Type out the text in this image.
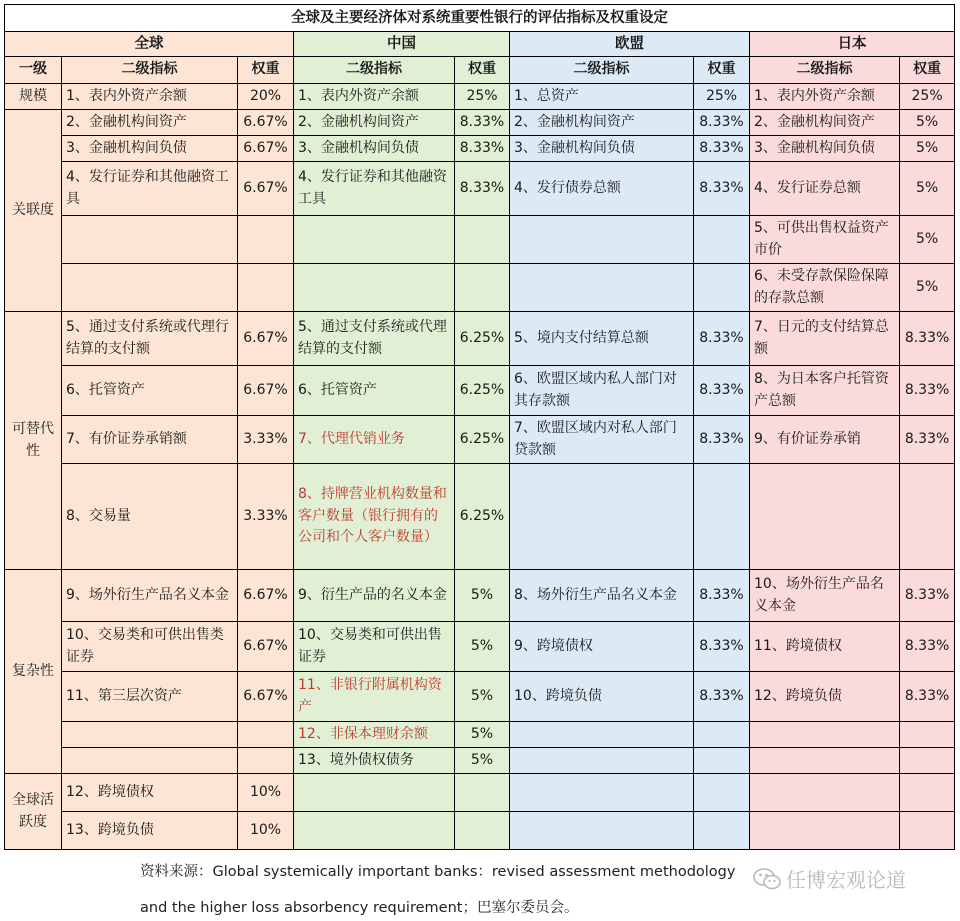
全球及主要经济体对系统重要性银行的评估指标及权重设定								
全球			中国		欧盟		日本	
一级	二级指标	权重	二级指标	权重	二级指标	权重	二级指标	权重
规模	1、表内外资产余额	20%	1、表内外资产余额	25%	1、总资产	25%	1、表内外资产余额	25%
关联度	2、金融机构间资产	6.67%	2、金融机构间资产	8.33%	2、金融机构间资产	8.33%	2、金融机构间资产	5%
	3、金融机构间负债	6.67%	3、金融机构间负债	8.33%	3、金融机构间负债	8.33%	3、金融机构间负债	5%
	4、发行证券和其他融资工具	6.67%	4、发行证券和其他融资工具	8.33%	4、发行债券总额	8.33%	4、发行证券总额	5%
							5、可供出售权益资产市价	5%
							6、未受存款保险保障的存款总额	5%
可替代性	5、通过支付系统或代理行结算的支付额	6.67%	5、通过支付系统或代理结算的支付额	6.25%	5、境内支付结算总额	8.33%	7、日元的支付结算总额	8.33%
	6、托管资产	6.67%	6、托管资产	6.25%	6、欧盟区域内私人部门对其存款额	8.33%	8、为日本客户托管资产总额	8.33%
	7、有价证券承销额	3.33%	7、代理代销业务	6.25%	7、欧盟区域内对私人部门贷款额	8.33%	9、有价证券承销	8.33%
	8、交易量	3.33%	8、持牌营业机构数量和客户数量（银行拥有的公司和个人客户数量）	6.25%				
复杂性	9、场外衍生产品名义本金	6.67%	9、衍生产品的名义本金	5%	8、场外衍生产品名义本金	8.33%	10、场外衍生产品名义本金	8.33%
	10、交易类和可供出售类证券	6.67%	10、交易类和可供出售证券	5%	9、跨境债权	8.33%	11、跨境债权	8.33%
	11、第三层次资产	6.67%	11、非银行附属机构资产	5%	10、跨境负债	8.33%	12、跨境负债	8.33%
			12、非保本理财余额	5%				
			13、境外债权债务	5%				
全球活跃度	12、跨境债权	10%						
	13、跨境负债	10%						
资料来源：Global systemically important banks：revised assessment methodology
and the higher loss absorbency requirement；巴塞尔委员会。
任博宏观论道
